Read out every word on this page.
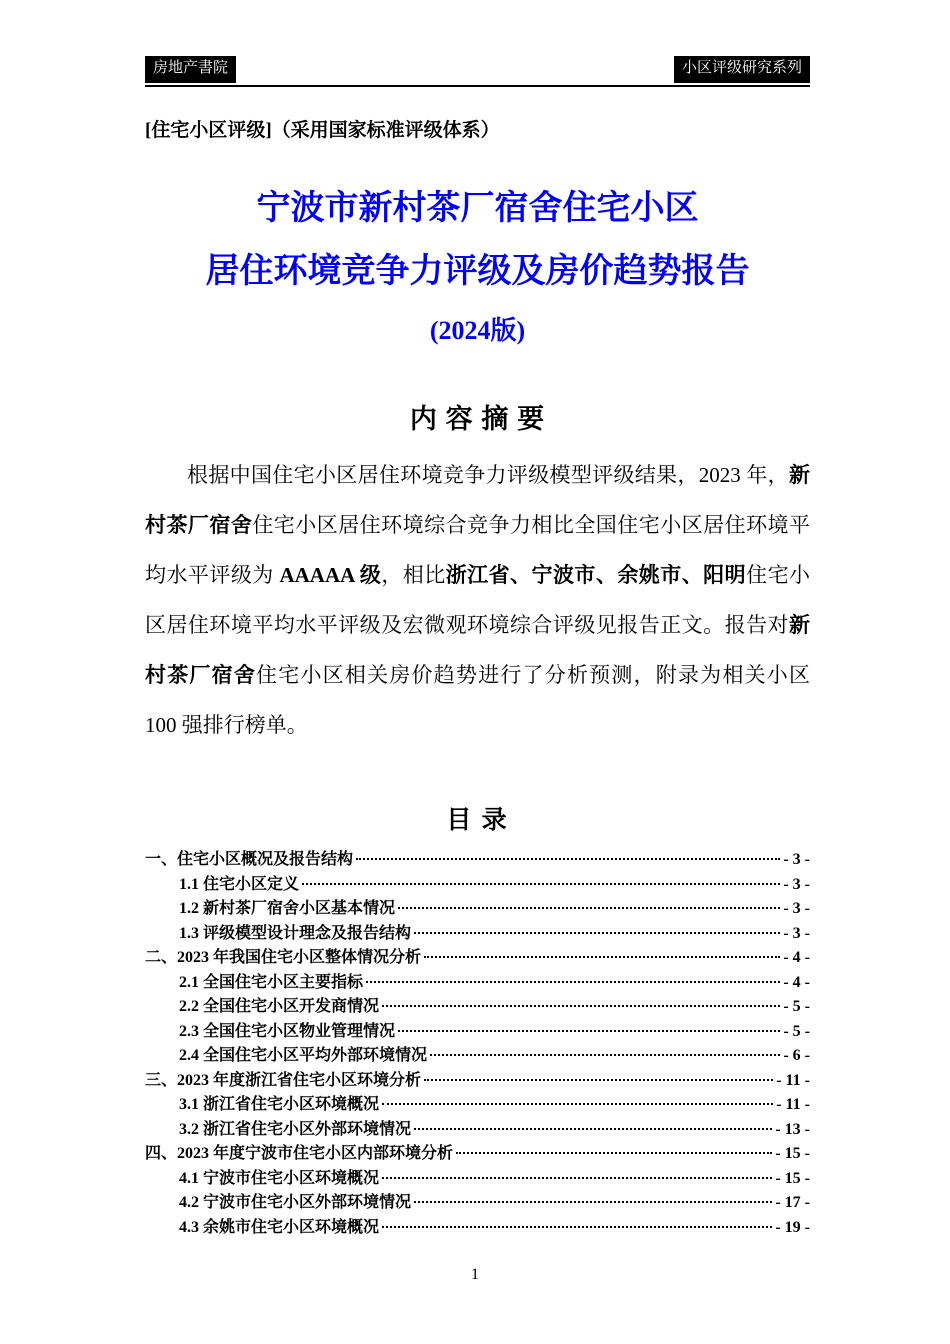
房地产書院	小区评级研究系列
[住宅小区评级]（采用国家标准评级体系）
宁波市新村茶厂宿舍住宅小区
居住环境竞争力评级及房价趋势报告
(2024版)
内 容 摘 要

根据中国住宅小区居住环境竞争力评级模型评级结果，2023 年，新村茶厂宿舍住宅小区居住环境综合竞争力相比全国住宅小区居住环境平均水平评级为 AAAAA 级，相比浙江省、宁波市、余姚市、阳明住宅小区居住环境平均水平评级及宏微观环境综合评级见报告正文。报告对新村茶厂宿舍住宅小区相关房价趋势进行了分析预测，附录为相关小区 100 强排行榜单。

目 录
一、住宅小区概况及报告结构	- 3 -
1.1 住宅小区定义	- 3 -
1.2 新村茶厂宿舍小区基本情况	- 3 -
1.3 评级模型设计理念及报告结构	- 3 -
二、2023 年我国住宅小区整体情况分析	- 4 -
2.1 全国住宅小区主要指标	- 4 -
2.2 全国住宅小区开发商情况	- 5 -
2.3 全国住宅小区物业管理情况	- 5 -
2.4 全国住宅小区平均外部环境情况	- 6 -
三、2023 年度浙江省住宅小区环境分析	- 11 -
3.1 浙江省住宅小区环境概况	- 11 -
3.2 浙江省住宅小区外部环境情况	- 13 -
四、2023 年度宁波市住宅小区内部环境分析	- 15 -
4.1 宁波市住宅小区环境概况	- 15 -
4.2 宁波市住宅小区外部环境情况	- 17 -
4.3 余姚市住宅小区环境概况	- 19 -
1
